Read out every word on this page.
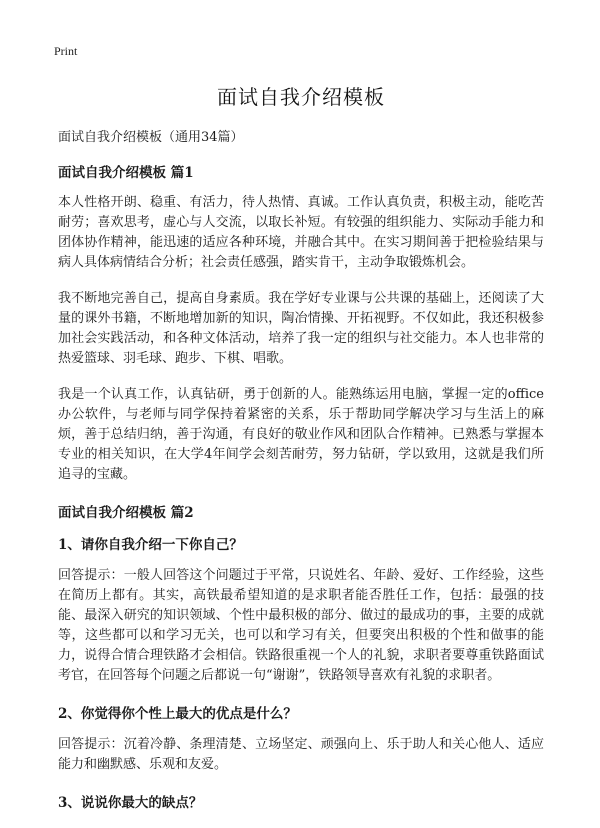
Print
面试自我介绍模板
面试自我介绍模板（通用34篇）
面试自我介绍模板 篇1

本人性格开朗、稳重、有活力，待人热情、真诚。工作认真负责，积极主动，能吃苦耐劳；喜欢思考，虚心与人交流，以取长补短。有较强的组织能力、实际动手能力和团体协作精神，能迅速的适应各种环境，并融合其中。在实习期间善于把检验结果与病人具体病情结合分析；社会责任感强，踏实肯干，主动争取锻炼机会。

我不断地完善自己，提高自身素质。我在学好专业课与公共课的基础上，还阅读了大量的课外书籍，不断地增加新的知识，陶冶情操、开拓视野。不仅如此，我还积极参加社会实践活动，和各种文体活动，培养了我一定的组织与社交能力。本人也非常的热爱篮球、羽毛球、跑步、下棋、唱歌。

我是一个认真工作，认真钻研，勇于创新的人。能熟练运用电脑，掌握一定的office 办公软件，与老师与同学保持着紧密的关系，乐于帮助同学解决学习与生活上的麻烦，善于总结归纳，善于沟通，有良好的敬业作风和团队合作精神。已熟悉与掌握本专业的相关知识，在大学4年间学会刻苦耐劳，努力钻研，学以致用，这就是我们所追寻的宝藏。

面试自我介绍模板 篇2
1、请你自我介绍一下你自己？

回答提示：一般人回答这个问题过于平常，只说姓名、年龄、爱好、工作经验，这些在简历上都有。其实，高铁最希望知道的是求职者能否胜任工作，包括：最强的技能、最深入研究的知识领域、个性中最积极的部分、做过的最成功的事，主要的成就等，这些都可以和学习无关，也可以和学习有关，但要突出积极的个性和做事的能力，说得合情合理铁路才会相信。铁路很重视一个人的礼貌，求职者要尊重铁路面试考官，在回答每个问题之后都说一句“谢谢”，铁路领导喜欢有礼貌的求职者。

2、你觉得你个性上最大的优点是什么？

回答提示：沉着冷静、条理清楚、立场坚定、顽强向上、乐于助人和关心他人、适应能力和幽默感、乐观和友爱。

3、说说你最大的缺点？
